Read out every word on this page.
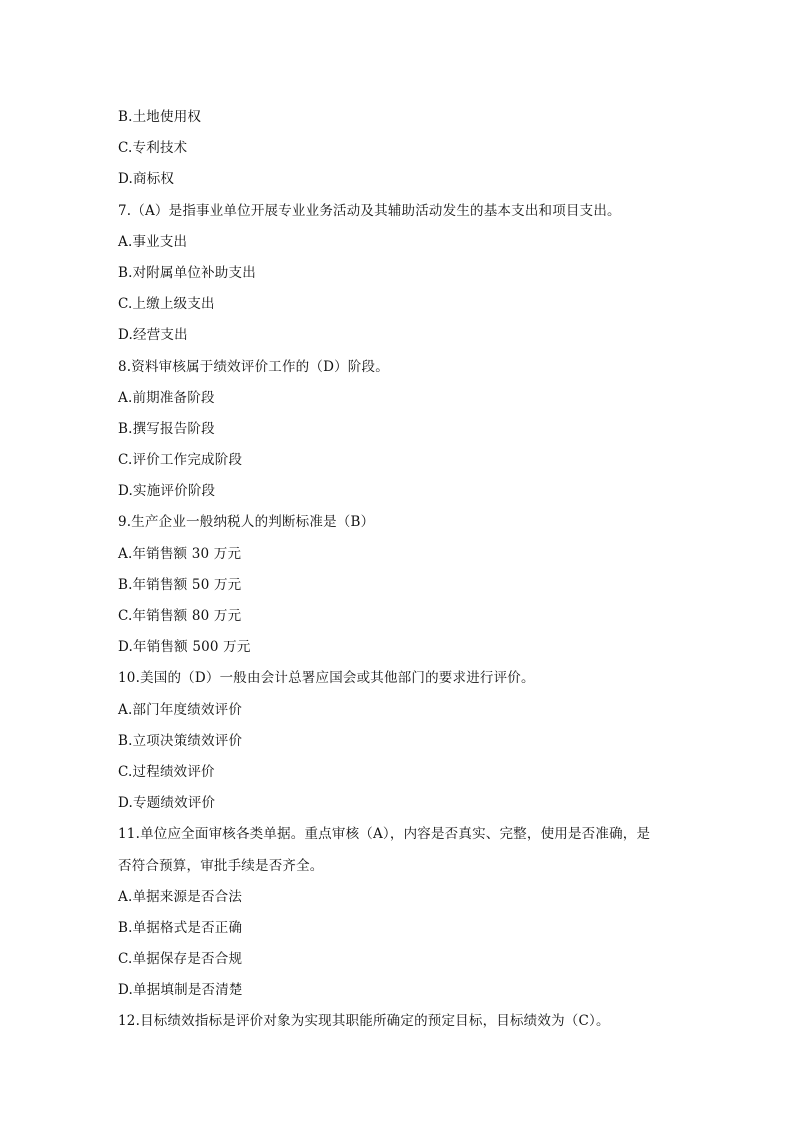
B.土地使用权
C.专利技术
D.商标权
7.（A）是指事业单位开展专业业务活动及其辅助活动发生的基本支出和项目支出。
A.事业支出
B.对附属单位补助支出
C.上缴上级支出
D.经营支出
8.资料审核属于绩效评价工作的（D）阶段。
A.前期准备阶段
B.撰写报告阶段
C.评价工作完成阶段
D.实施评价阶段
9.生产企业一般纳税人的判断标准是（B）
A.年销售额 30 万元
B.年销售额 50 万元
C.年销售额 80 万元
D.年销售额 500 万元
10.美国的（D）一般由会计总署应国会或其他部门的要求进行评价。
A.部门年度绩效评价
B.立项决策绩效评价
C.过程绩效评价
D.专题绩效评价
11.单位应全面审核各类单据。重点审核（A），内容是否真实、完整，使用是否准确，是
否符合预算，审批手续是否齐全。
A.单据来源是否合法
B.单据格式是否正确
C.单据保存是否合规
D.单据填制是否清楚
12.目标绩效指标是评价对象为实现其职能所确定的预定目标，目标绩效为（C）。
